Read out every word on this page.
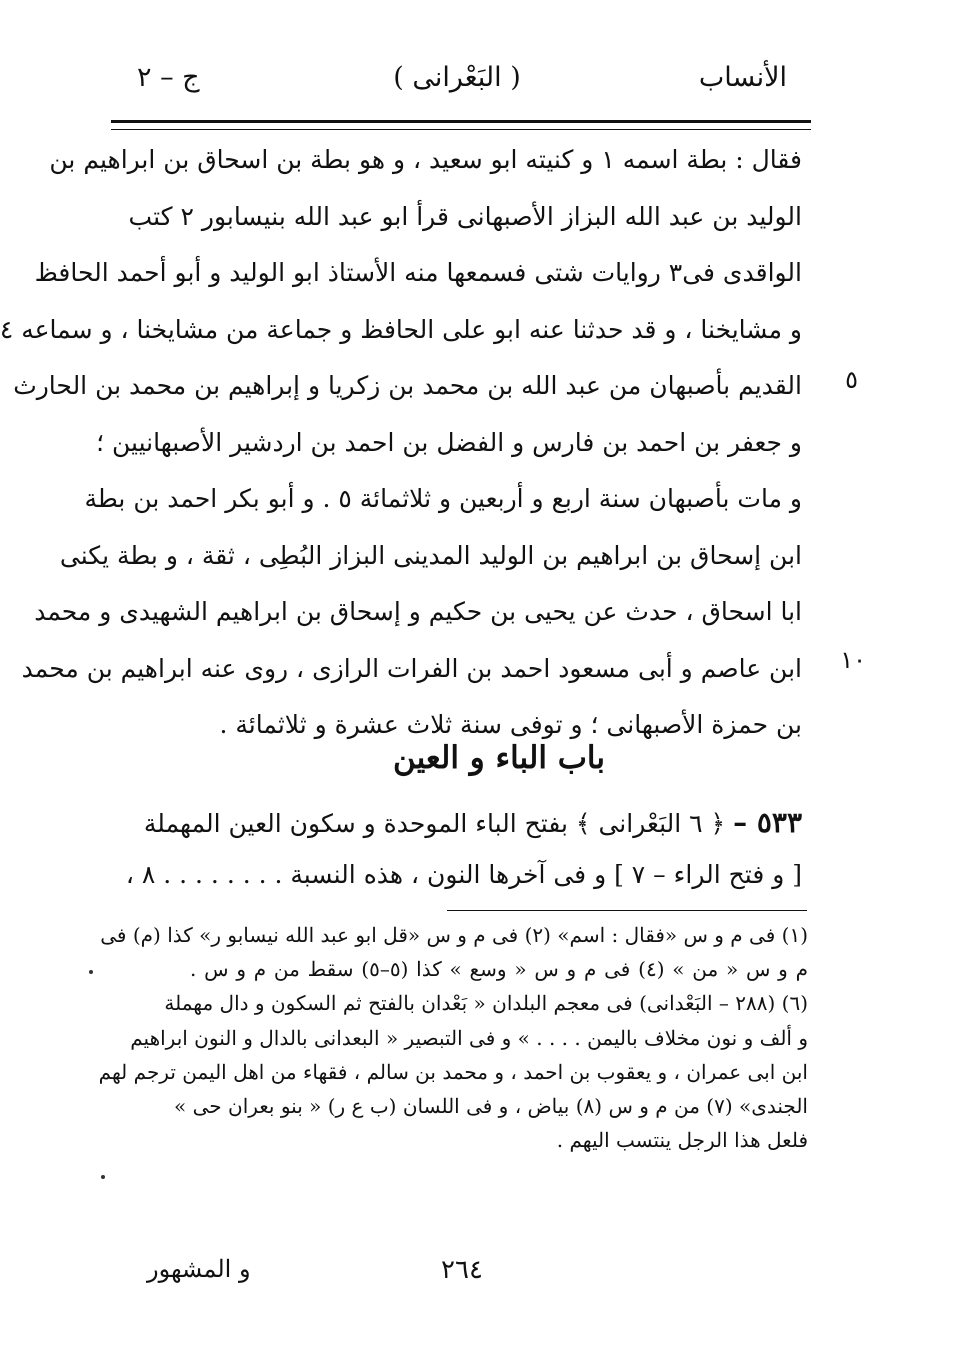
الأنساب
( البَعْرانى )
ج – ٢
فقال : بطة اسمه ١ و كنيته ابو سعيد ، و هو بطة بن اسحاق بن ابراهيم بن
الوليد بن عبد الله البزاز الأصبهانى قرأ ابو عبد الله بنيسابور ٢ كتب
الواقدى فى٣ روايات شتى فسمعها منه الأستاذ ابو الوليد و أبو أحمد الحافظ
و مشايخنا ، و قد حدثنا عنه ابو على الحافظ و جماعة من مشايخنا ، و سماعه ٤
القديم بأصبهان من عبد الله بن محمد بن زكريا و إبراهيم بن محمد بن الحارث
و جعفر بن احمد بن فارس و الفضل بن احمد بن اردشير الأصبهانيين ؛
و مات بأصبهان سنة اربع و أربعين و ثلاثمائة ٥ . و أبو بكر احمد بن بطة
ابن إسحاق بن ابراهيم بن الوليد المدينى البزاز البُطِى ، ثقة ، و بطة يكنى
ابا اسحاق ، حدث عن يحيى بن حكيم و إسحاق بن ابراهيم الشهيدى و محمد
ابن عاصم و أبى مسعود احمد بن الفرات الرازى ، روى عنه ابراهيم بن محمد
بن حمزة الأصبهانى ؛ و توفى سنة ثلاث عشرة و ثلاثمائة .
٥
١٠
باب الباء و العين
٥٣٣ – ﴿ ٦ البَعْرانى ﴾ بفتح الباء الموحدة و سكون العين المهملة
[ و فتح الراء – ٧ ] و فى آخرها النون ، هذه النسبة . . . . . . . . ٨ ،
(١) فى م و س «فقال : اسم» (٢) فى م و س «قل ابو عبد الله نيسابو ر» كذا (م) فى
م و س « من » (٤) فى م و س « وسع » كذا (٥–٥) سقط من م و س .
(٦) (٢٨٨ – البَعْدانى) فى معجم البلدان « بَعْدان بالفتح ثم السكون و دال مهملة
و ألف و نون مخلاف باليمن . . . . » و فى التبصير « البعدانى بالدال و النون ابراهيم
ابن ابى عمران ، و يعقوب بن احمد ، و محمد بن سالم ، فقهاء من اهل اليمن ترجم لهم
الجندى» (٧) من م و س (٨) بياض ، و فى اللسان (ب ع ر) « بنو بعران حى »
فلعل هذا الرجل ينتسب اليهم .
٢٦٤
و المشهور
